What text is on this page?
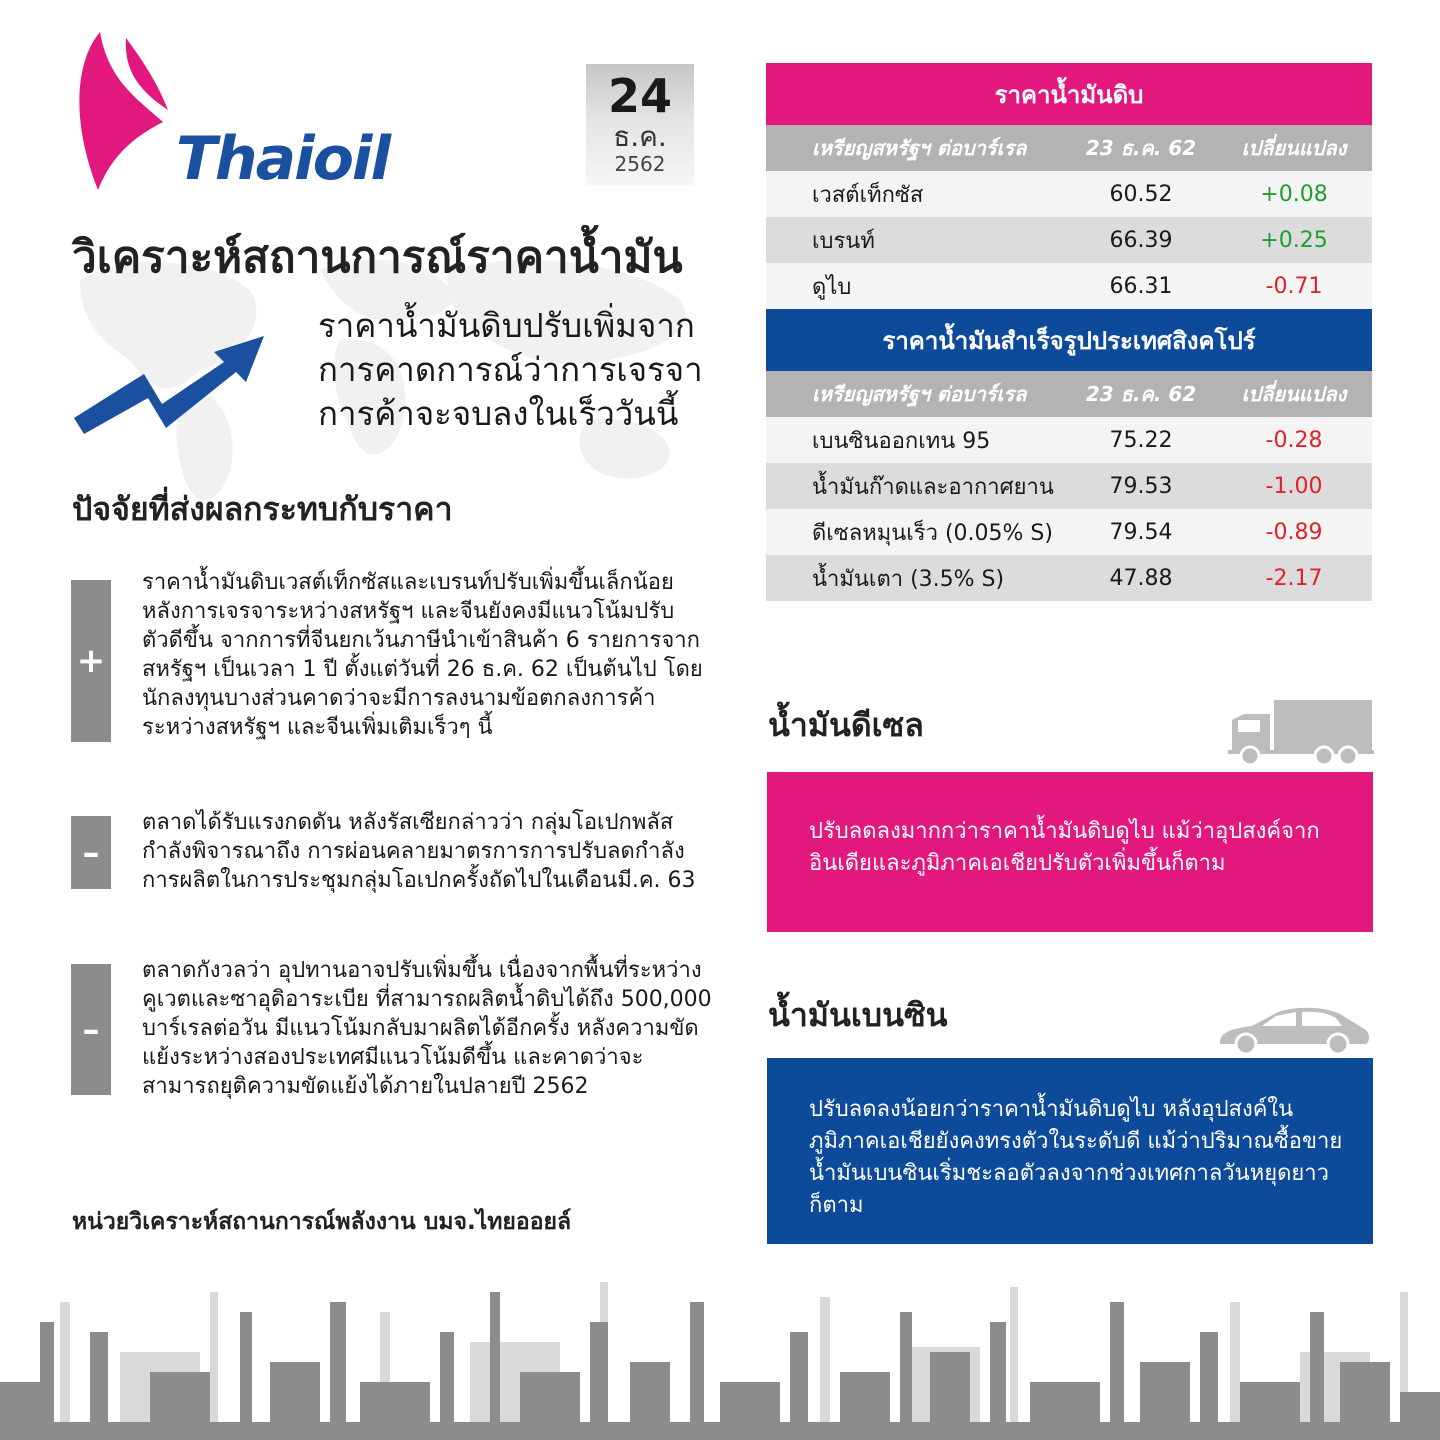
Thaioil
24
ธ.ค.
2562
วิเคราะห์สถานการณ์ราคาน้ำมัน
ราคาน้ำมันดิบปรับเพิ่มจากการคาดการณ์ว่าการเจรจาการค้าจะจบลงในเร็ววันนี้
ปัจจัยที่ส่งผลกระทบกับราคา
+
ราคาน้ำมันดิบเวสต์เท็กซัสและเบรนท์ปรับเพิ่มขึ้นเล็กน้อย หลังการเจรจาระหว่างสหรัฐฯ และจีนยังคงมีแนวโน้มปรับตัวดีขึ้น จากการที่จีนยกเว้นภาษีนำเข้าสินค้า 6 รายการจากสหรัฐฯ เป็นเวลา 1 ปี ตั้งแต่วันที่ 26 ธ.ค. 62 เป็นต้นไป โดยนักลงทุนบางส่วนคาดว่าจะมีการลงนามข้อตกลงการค้าระหว่างสหรัฐฯ และจีนเพิ่มเติมเร็วๆ นี้
–
ตลาดได้รับแรงกดดัน หลังรัสเซียกล่าวว่า กลุ่มโอเปกพลัสกำลังพิจารณาถึง การผ่อนคลายมาตรการการปรับลดกำลังการผลิตในการประชุมกลุ่มโอเปกครั้งถัดไปในเดือนมี.ค. 63
–
ตลาดกังวลว่า อุปทานอาจปรับเพิ่มขึ้น เนื่องจากพื้นที่ระหว่างคูเวตและซาอุดิอาระเบีย ที่สามารถผลิตน้ำดิบได้ถึง 500,000 บาร์เรลต่อวัน มีแนวโน้มกลับมาผลิตได้อีกครั้ง หลังความขัดแย้งระหว่างสองประเทศมีแนวโน้มดีขึ้น และคาดว่าจะสามารถยุติความขัดแย้งได้ภายในปลายปี 2562
หน่วยวิเคราะห์สถานการณ์พลังงาน บมจ.ไทยออยล์
ราคาน้ำมันดิบ
เหรียญสหรัฐฯ ต่อบาร์เรล	23 ธ.ค. 62	เปลี่ยนแปลง
เวสต์เท็กซัส	60.52	+0.08
เบรนท์	66.39	+0.25
ดูไบ	66.31	-0.71
ราคาน้ำมันสำเร็จรูปประเทศสิงคโปร์
เหรียญสหรัฐฯ ต่อบาร์เรล	23 ธ.ค. 62	เปลี่ยนแปลง
เบนซินออกเทน 95	75.22	-0.28
น้ำมันก๊าดและอากาศยาน	79.53	-1.00
ดีเซลหมุนเร็ว (0.05% S)	79.54	-0.89
น้ำมันเตา (3.5% S)	47.88	-2.17
น้ำมันดีเซล
ปรับลดลงมากกว่าราคาน้ำมันดิบดูไบ แม้ว่าอุปสงค์จากอินเดียและภูมิภาคเอเชียปรับตัวเพิ่มขึ้นก็ตาม
น้ำมันเบนซิน
ปรับลดลงน้อยกว่าราคาน้ำมันดิบดูไบ หลังอุปสงค์ในภูมิภาคเอเชียยังคงทรงตัวในระดับดี แม้ว่าปริมาณซื้อขายน้ำมันเบนซินเริ่มชะลอตัวลงจากช่วงเทศกาลวันหยุดยาวก็ตาม
